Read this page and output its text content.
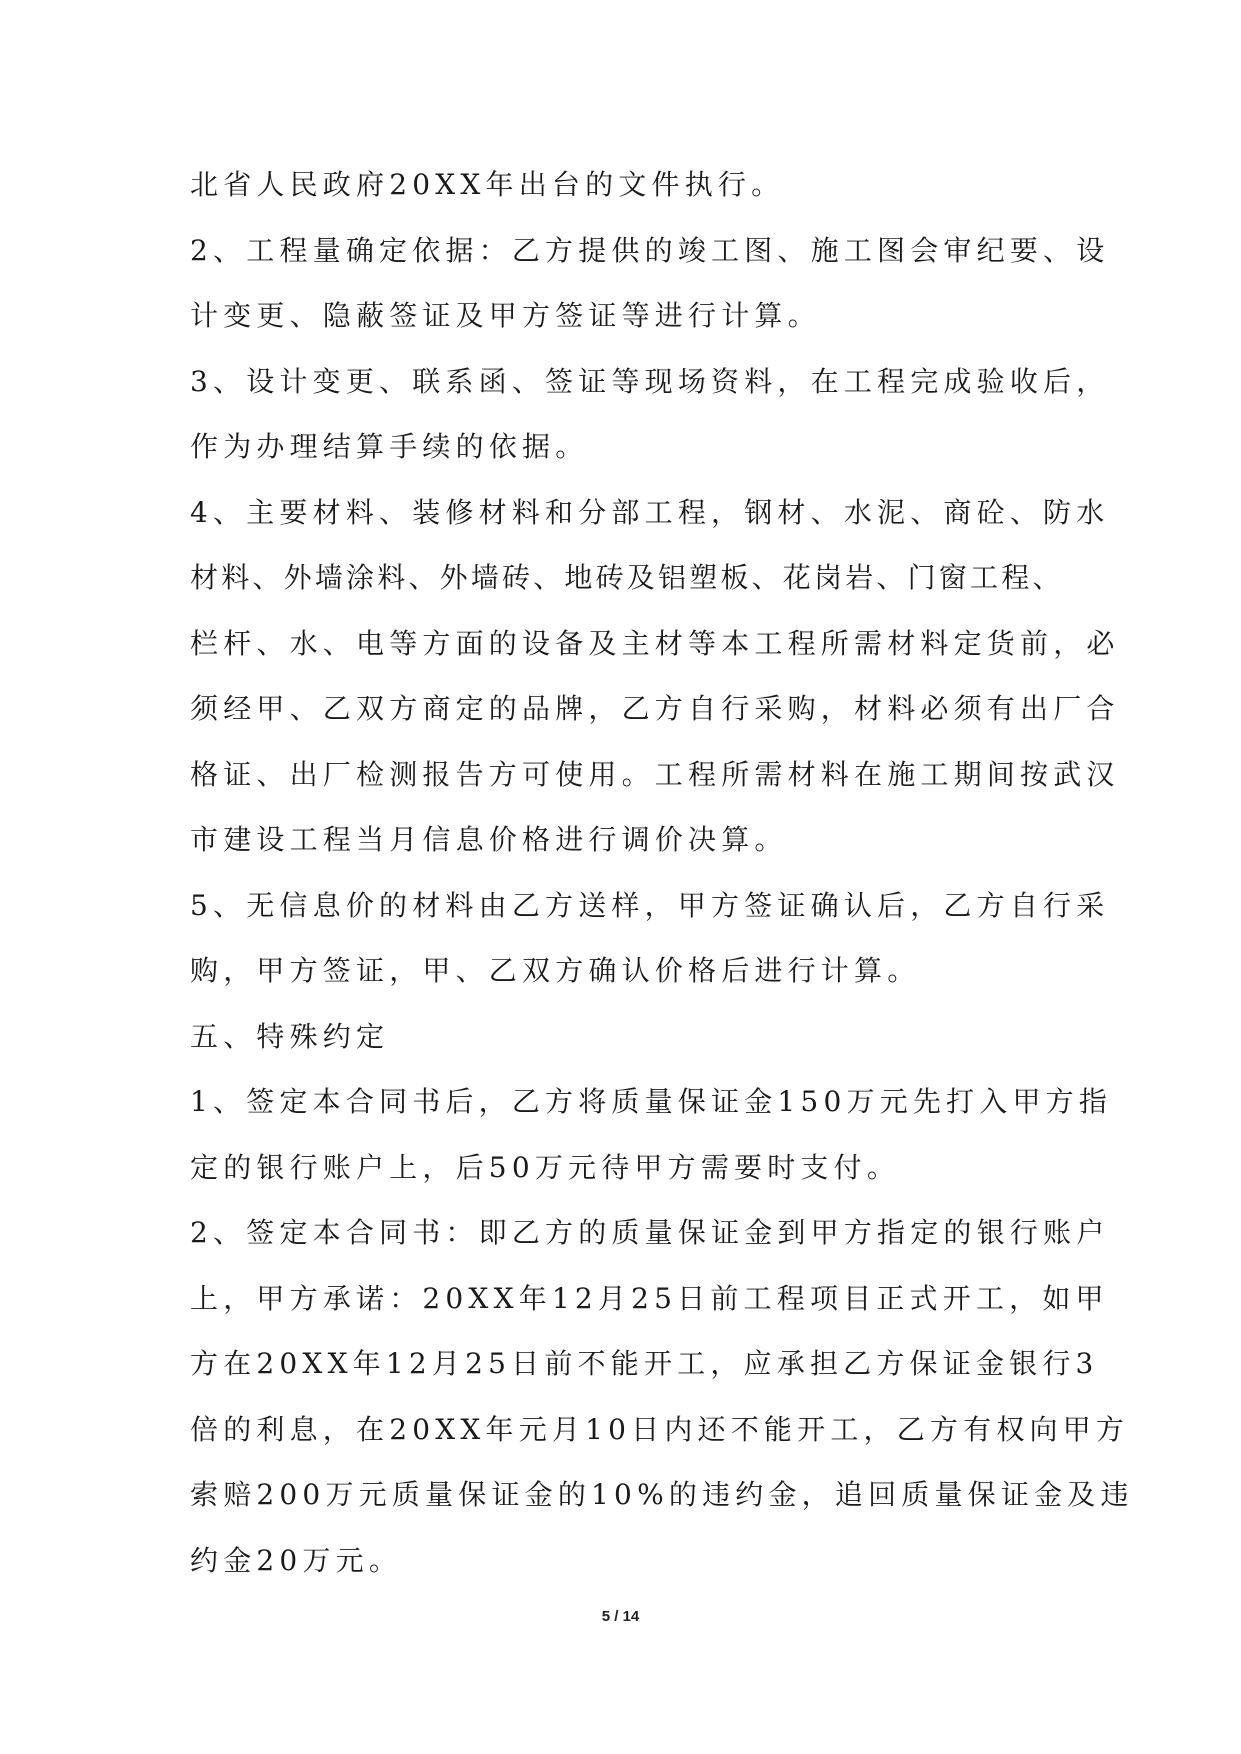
北省人民政府20XX年出台的文件执行。
2、工程量确定依据：乙方提供的竣工图、施工图会审纪要、设
计变更、隐蔽签证及甲方签证等进行计算。
3、设计变更、联系函、签证等现场资料，在工程完成验收后，
作为办理结算手续的依据。
4、主要材料、装修材料和分部工程，钢材、水泥、商砼、防水
材料、外墙涂料、外墙砖、地砖及铝塑板、花岗岩、门窗工程、
栏杆、水、电等方面的设备及主材等本工程所需材料定货前，必
须经甲、乙双方商定的品牌，乙方自行采购，材料必须有出厂合
格证、出厂检测报告方可使用。工程所需材料在施工期间按武汉
市建设工程当月信息价格进行调价决算。
5、无信息价的材料由乙方送样，甲方签证确认后，乙方自行采
购，甲方签证，甲、乙双方确认价格后进行计算。
五、特殊约定
1、签定本合同书后，乙方将质量保证金150万元先打入甲方指
定的银行账户上，后50万元待甲方需要时支付。
2、签定本合同书：即乙方的质量保证金到甲方指定的银行账户
上，甲方承诺：20XX年12月25日前工程项目正式开工，如甲
方在20XX年12月25日前不能开工，应承担乙方保证金银行3
倍的利息，在20XX年元月10日内还不能开工，乙方有权向甲方
索赔200万元质量保证金的10%的违约金，追回质量保证金及违
约金20万元。
5 / 14
